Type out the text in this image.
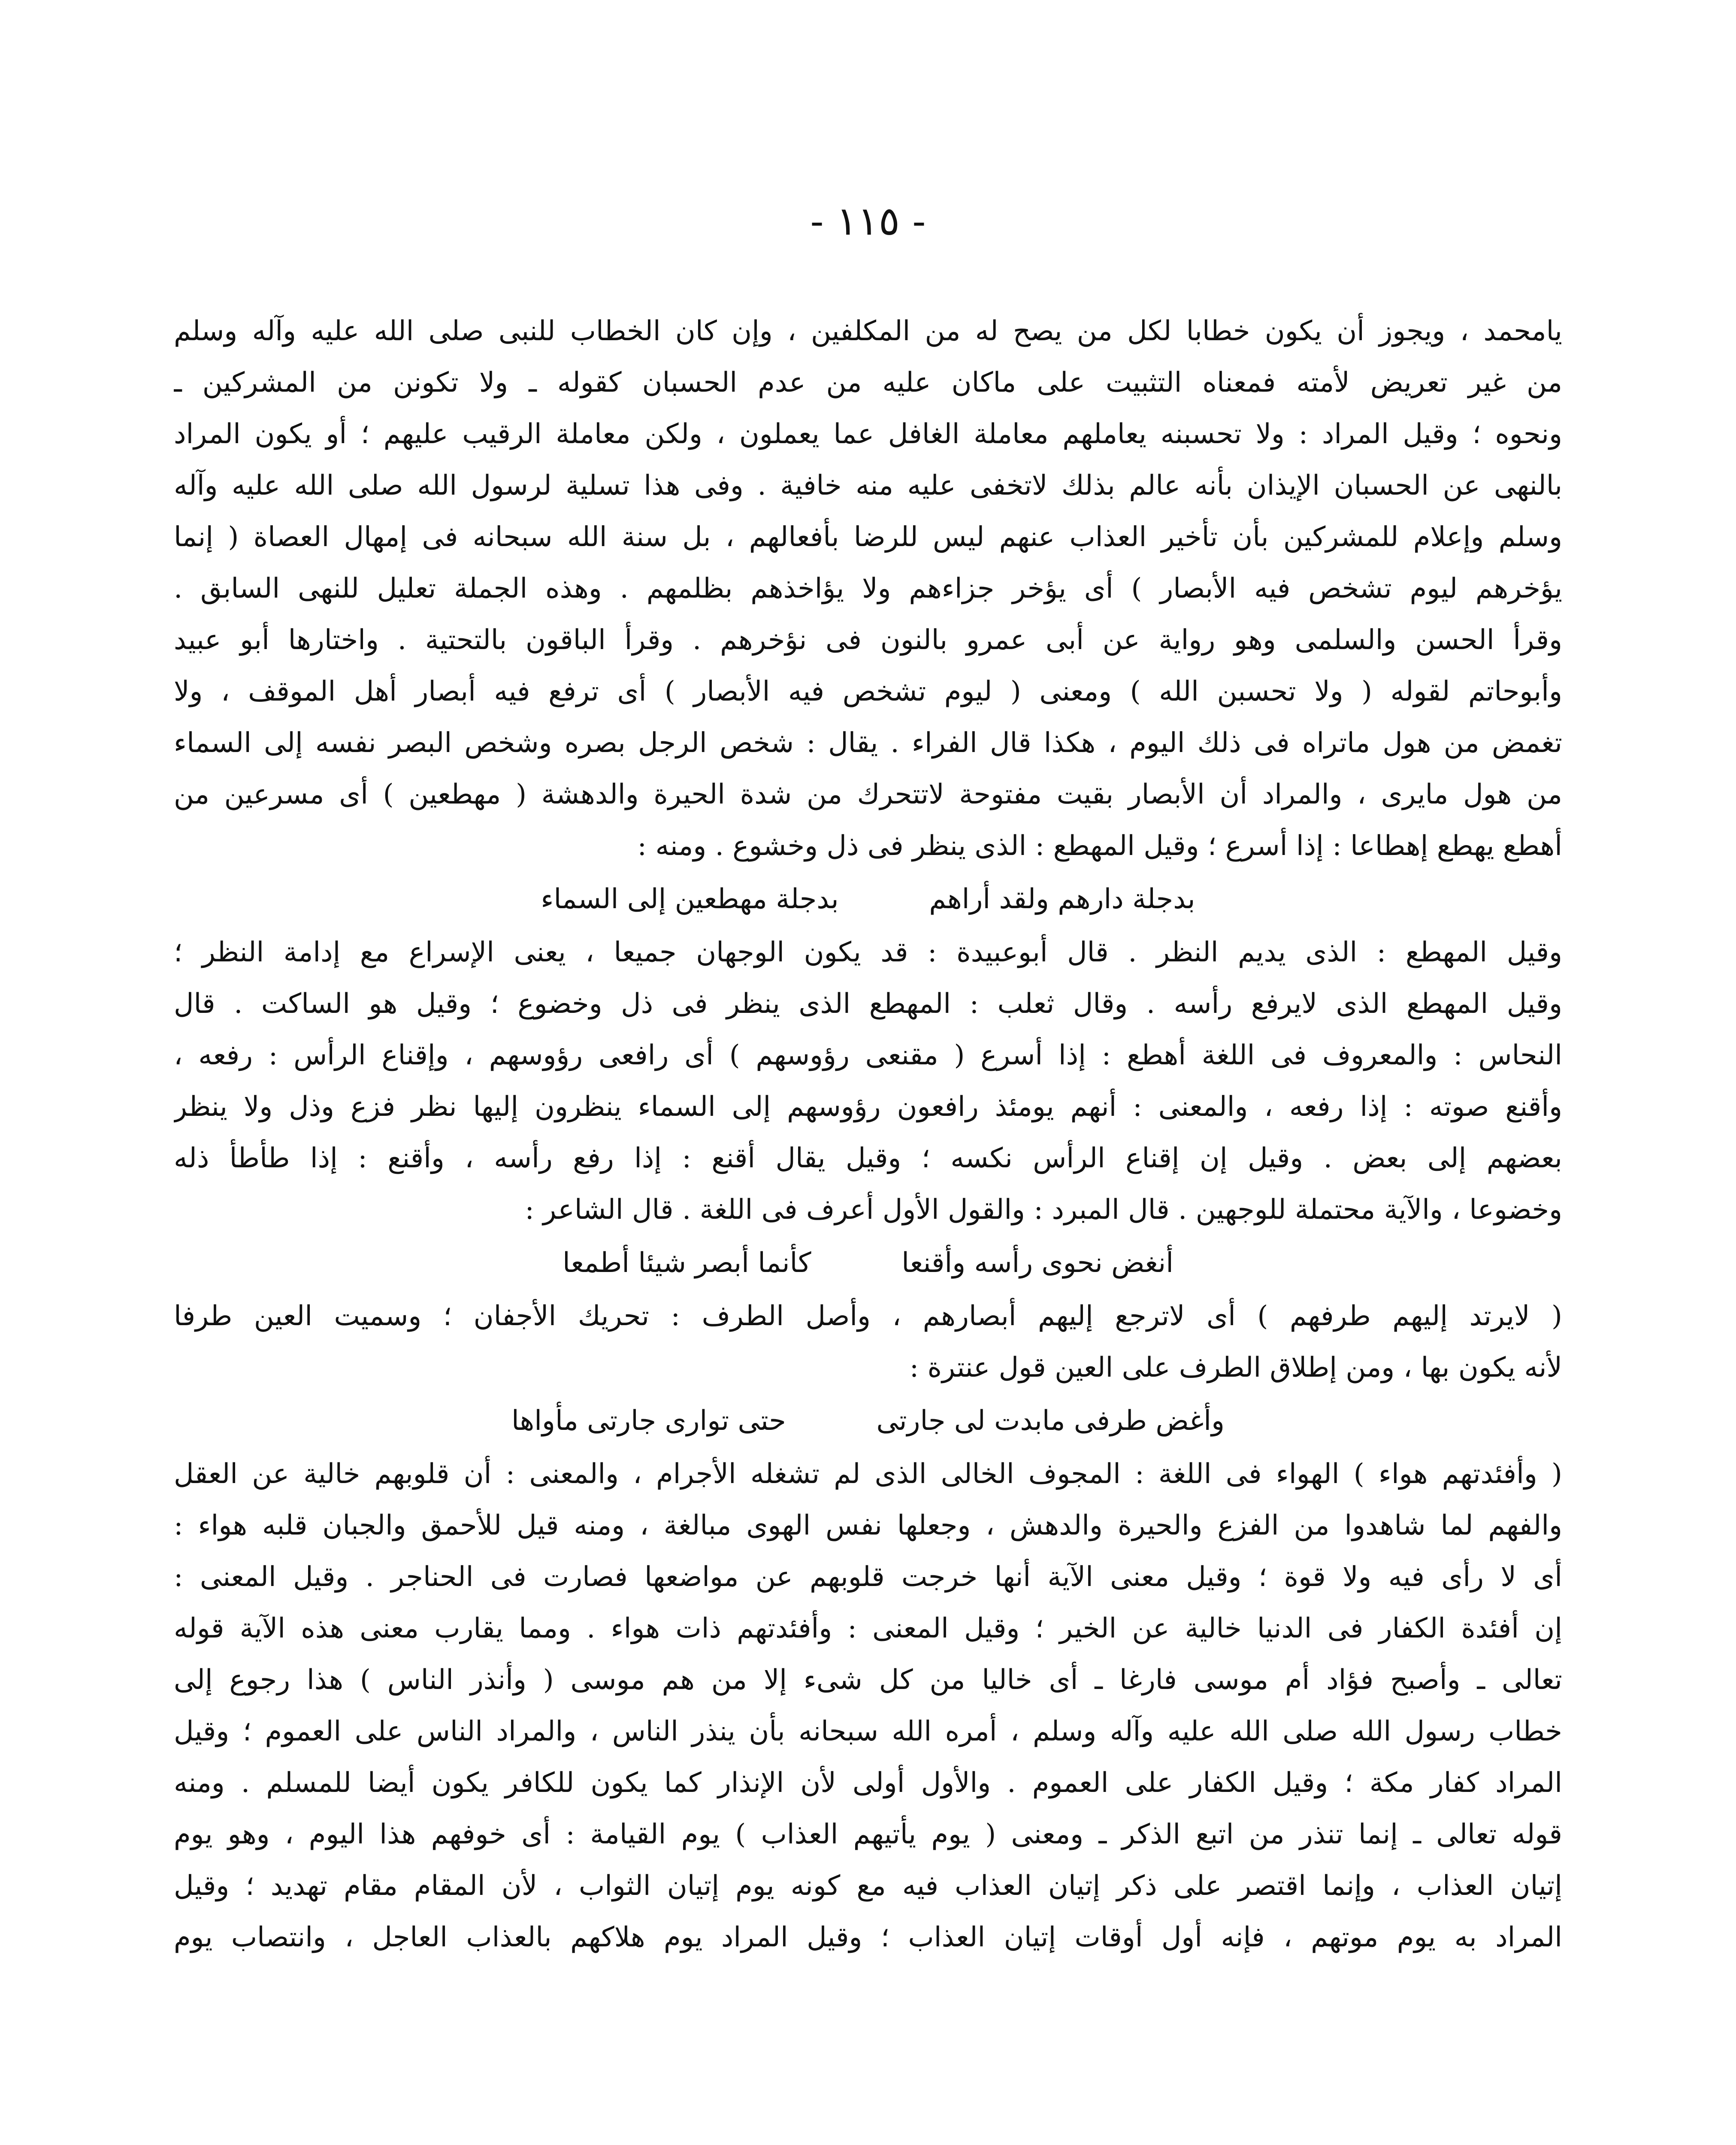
- ١١٥ -
يامحمد ، ويجوز أن يكون خطابا لكل من يصح له من المكلفين ، وإن كان الخطاب للنبى صلى الله عليه وآله وسلم
من غير تعريض لأمته فمعناه التثبيت على ماكان عليه من عدم الحسبان كقوله ـ ولا تكونن من المشركين ـ
ونحوه ؛ وقيل المراد : ولا تحسبنه يعاملهم معاملة الغافل عما يعملون ، ولكن معاملة الرقيب عليهم ؛ أو يكون المراد
بالنهى عن الحسبان الإيذان بأنه عالم بذلك لاتخفى عليه منه خافية . وفى هذا تسلية لرسول الله صلى الله عليه وآله
وسلم وإعلام للمشركين بأن تأخير العذاب عنهم ليس للرضا بأفعالهم ، بل سنة الله سبحانه فى إمهال العصاة ( إنما
يؤخرهم ليوم تشخص فيه الأبصار ) أى يؤخر جزاءهم ولا يؤاخذهم بظلمهم . وهذه الجملة تعليل للنهى السابق .
وقرأ الحسن والسلمى وهو رواية عن أبى عمرو بالنون فى نؤخرهم . وقرأ الباقون بالتحتية . واختارها أبو عبيد
وأبوحاتم لقوله ( ولا تحسبن الله ) ومعنى ( ليوم تشخص فيه الأبصار ) أى ترفع فيه أبصار أهل الموقف ، ولا
تغمض من هول ماتراه فى ذلك اليوم ، هكذا قال الفراء . يقال : شخص الرجل بصره وشخص البصر نفسه إلى السماء
من هول مايرى ، والمراد أن الأبصار بقيت مفتوحة لاتتحرك من شدة الحيرة والدهشة ( مهطعين ) أى مسرعين من
أهطع يهطع إهطاعا : إذا أسرع ؛ وقيل المهطع : الذى ينظر فى ذل وخشوع . ومنه :
بدجلة دارهم ولقد أراهم  بدجلة مهطعين إلى السماء
وقيل المهطع : الذى يديم النظر . قال أبوعبيدة : قد يكون الوجهان جميعا ، يعنى الإسراع مع إدامة النظر ؛
وقيل المهطع الذى لايرفع رأسه . وقال ثعلب : المهطع الذى ينظر فى ذل وخضوع ؛ وقيل هو الساكت . قال
النحاس : والمعروف فى اللغة أهطع : إذا أسرع ( مقنعى رؤوسهم ) أى رافعى رؤوسهم ، وإقناع الرأس : رفعه ،
وأقنع صوته : إذا رفعه ، والمعنى : أنهم يومئذ رافعون رؤوسهم إلى السماء ينظرون إليها نظر فزع وذل ولا ينظر
بعضهم إلى بعض . وقيل إن إقناع الرأس نكسه ؛ وقيل يقال أقنع : إذا رفع رأسه ، وأقنع : إذا طأطأ ذله
وخضوعا ، والآية محتملة للوجهين . قال المبرد : والقول الأول أعرف فى اللغة . قال الشاعر :
أنغض نحوى رأسه وأقنعا  كأنما أبصر شيئا أطمعا
( لايرتد إليهم طرفهم ) أى لاترجع إليهم أبصارهم ، وأصل الطرف : تحريك الأجفان ؛ وسميت العين طرفا
لأنه يكون بها ، ومن إطلاق الطرف على العين قول عنترة :
وأغض طرفى مابدت لى جارتى  حتى توارى جارتى مأواها
( وأفئدتهم هواء ) الهواء فى اللغة : المجوف الخالى الذى لم تشغله الأجرام ، والمعنى : أن قلوبهم خالية عن العقل
والفهم لما شاهدوا من الفزع والحيرة والدهش ، وجعلها نفس الهوى مبالغة ، ومنه قيل للأحمق والجبان قلبه هواء :
أى لا رأى فيه ولا قوة ؛ وقيل معنى الآية أنها خرجت قلوبهم عن مواضعها فصارت فى الحناجر . وقيل المعنى :
إن أفئدة الكفار فى الدنيا خالية عن الخير ؛ وقيل المعنى : وأفئدتهم ذات هواء . ومما يقارب معنى هذه الآية قوله
تعالى ـ وأصبح فؤاد أم موسى فارغا ـ أى خاليا من كل شىء إلا من هم موسى ( وأنذر الناس ) هذا رجوع إلى
خطاب رسول الله صلى الله عليه وآله وسلم ، أمره الله سبحانه بأن ينذر الناس ، والمراد الناس على العموم ؛ وقيل
المراد كفار مكة ؛ وقيل الكفار على العموم . والأول أولى لأن الإنذار كما يكون للكافر يكون أيضا للمسلم . ومنه
قوله تعالى ـ إنما تنذر من اتبع الذكر ـ ومعنى ( يوم يأتيهم العذاب ) يوم القيامة : أى خوفهم هذا اليوم ، وهو يوم
إتيان العذاب ، وإنما اقتصر على ذكر إتيان العذاب فيه مع كونه يوم إتيان الثواب ، لأن المقام مقام تهديد ؛ وقيل
المراد به يوم موتهم ، فإنه أول أوقات إتيان العذاب ؛ وقيل المراد يوم هلاكهم بالعذاب العاجل ، وانتصاب يوم
